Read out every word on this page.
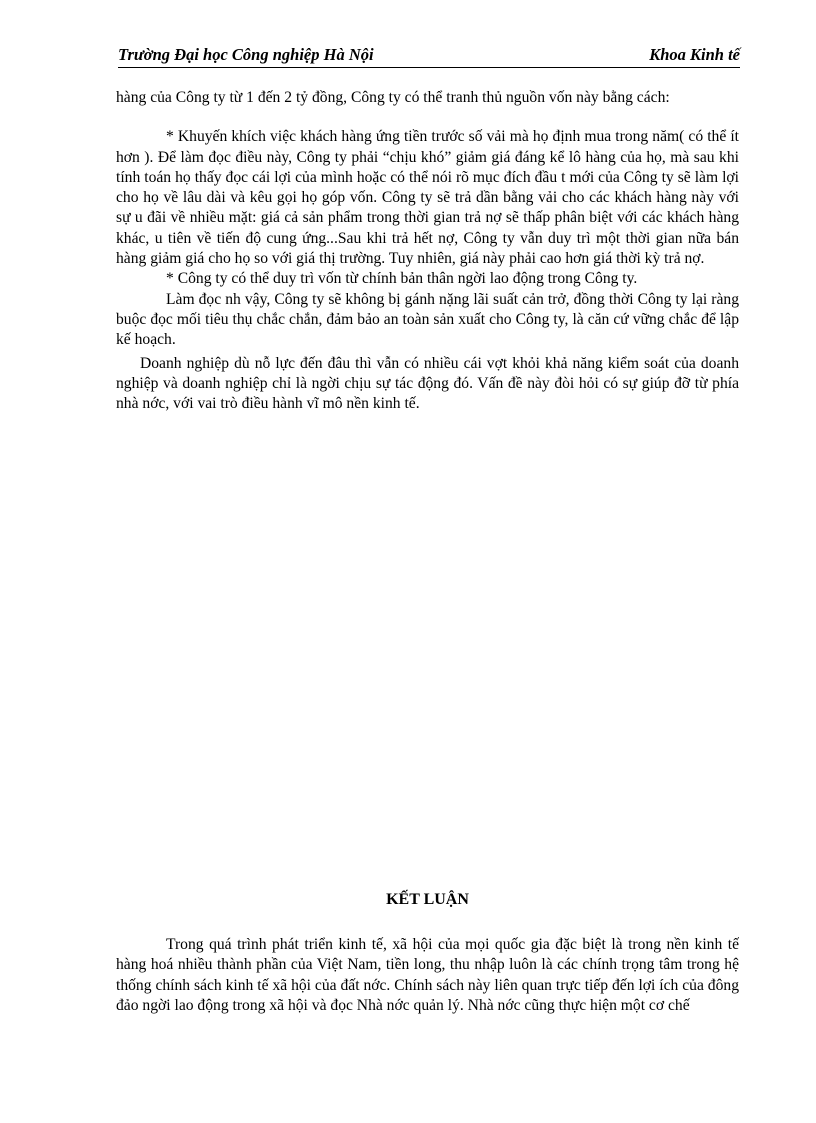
Trường Đại học Công nghiệp Hà Nội	Khoa Kinh tế

hàng của Công ty từ 1 đến 2 tỷ đồng, Công ty có thể tranh thủ nguồn vốn này bằng cách:

* Khuyến khích việc khách hàng ứng tiền trước số vải mà họ định mua trong năm( có thể ít hơn ). Để làm đọc điều này, Công ty phải “chịu khó” giảm giá đáng kể lô hàng của họ, mà sau khi tính toán họ thấy đọc cái lợi của mình hoặc có thể nói rõ mục đích đầu t mới của Công ty sẽ làm lợi cho họ về lâu dài và kêu gọi họ góp vốn. Công ty sẽ trả dần bằng vải cho các khách hàng này với sự u đãi về nhiều mặt: giá cả sản phẩm trong thời gian trả nợ sẽ thấp phân biệt với các khách hàng khác, u tiên về tiến độ cung ứng...Sau khi trả hết nợ, Công ty vẫn duy trì một thời gian nữa bán hàng giảm giá cho họ so với giá thị trường. Tuy nhiên, giá này phải cao hơn giá thời kỳ trả nợ.

* Công ty có thể duy trì vốn từ chính bản thân ngời lao động trong Công ty.

Làm đọc nh vậy, Công ty sẽ không bị gánh nặng lãi suất cản trở, đồng thời Công ty lại ràng buộc đọc mối tiêu thụ chắc chắn, đảm bảo an toàn sản xuất cho Công ty, là căn cứ vững chắc để lập kế hoạch.

Doanh nghiệp dù nỗ lực đến đâu thì vẫn có nhiều cái vợt khỏi khả năng kiểm soát của doanh nghiệp và doanh nghiệp chỉ là ngời chịu sự tác động đó. Vấn đề này đòi hỏi có sự giúp đỡ từ phía nhà nớc, với vai trò điều hành vĩ mô nền kinh tế.

KẾT LUẬN

Trong quá trình phát triển kinh tế, xã hội của mọi quốc gia đặc biệt là trong nền kinh tế hàng hoá nhiều thành phần của Việt Nam, tiền long, thu nhập luôn là các chính trọng tâm trong hệ thống chính sách kinh tế xã hội của đất nớc. Chính sách này liên quan trực tiếp đến lợi ích của đông đảo ngời lao động trong xã hội và đọc Nhà nớc quản lý. Nhà nớc cũng thực hiện một cơ chế
